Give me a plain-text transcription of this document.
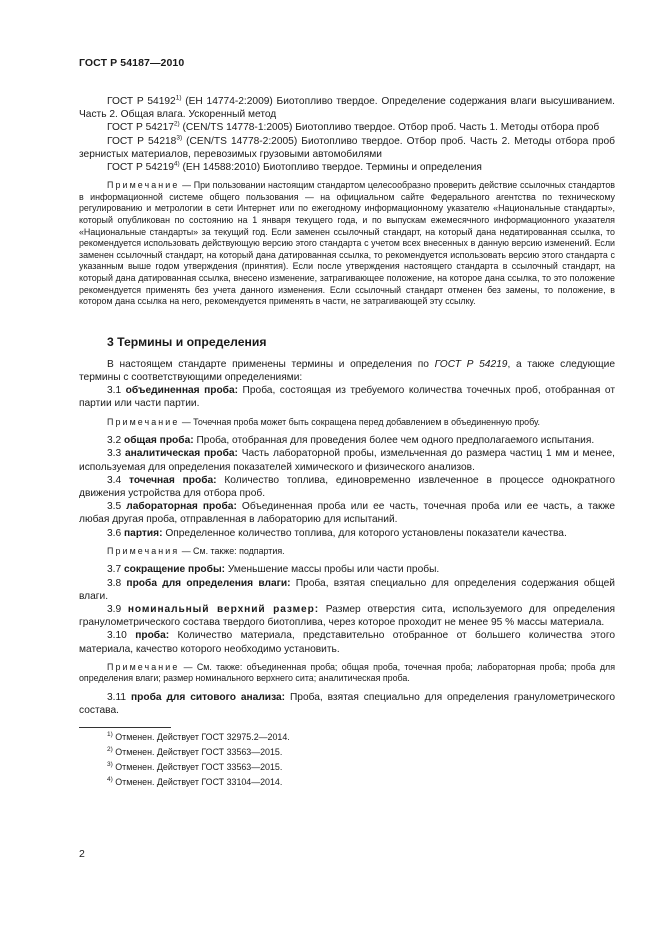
ГОСТ Р 54187—2010

ГОСТ Р 54192$^{1)}$ (ЕН 14774-2:2009) Биотопливо твердое. Определение содержания влаги высушиванием. Часть 2. Общая влага. Ускоренный метод

ГОСТ Р 54217$^{2)}$ (CEN/TS 14778-1:2005) Биотопливо твердое. Отбор проб. Часть 1. Методы отбора проб

ГОСТ Р 54218$^{3)}$ (CEN/TS 14778-2:2005) Биотопливо твердое. Отбор проб. Часть 2. Методы отбора проб зернистых материалов, перевозимых грузовыми автомобилями

ГОСТ Р 54219$^{4)}$ (ЕН 14588:2010) Биотопливо твердое. Термины и определения

Примечание — При пользовании настоящим стандартом целесообразно проверить действие ссылочных стандартов в информационной системе общего пользования — на официальном сайте Федерального агентства по техническому регулированию и метрологии в сети Интернет или по ежегодному информационному указателю «Национальные стандарты», который опубликован по состоянию на 1 января текущего года, и по выпускам ежемесячного информационного указателя «Национальные стандарты» за текущий год. Если заменен ссылочный стандарт, на который дана недатированная ссылка, то рекомендуется использовать действующую версию этого стандарта с учетом всех внесенных в данную версию изменений. Если заменен ссылочный стандарт, на который дана датированная ссылка, то рекомендуется использовать версию этого стандарта с указанным выше годом утверждения (принятия). Если после утверждения настоящего стандарта в ссылочный стандарт, на который дана датированная ссылка, внесено изменение, затрагивающее положение, на которое дана ссылка, то это положение рекомендуется применять без учета данного изменения. Если ссылочный стандарт отменен без замены, то положение, в котором дана ссылка на него, рекомендуется применять в части, не затрагивающей эту ссылку.

3 Термины и определения

В настоящем стандарте применены термины и определения по ГОСТ Р 54219, а также следующие термины с соответствующими определениями:

3.1 объединенная проба: Проба, состоящая из требуемого количества точечных проб, отобранная от партии или части партии.

Примечание — Точечная проба может быть сокращена перед добавлением в объединенную пробу.

3.2 общая проба: Проба, отобранная для проведения более чем одного предполагаемого испытания.

3.3 аналитическая проба: Часть лабораторной пробы, измельченная до размера частиц 1 мм и менее, используемая для определения показателей химического и физического анализов.

3.4 точечная проба: Количество топлива, единовременно извлеченное в процессе однократного движения устройства для отбора проб.

3.5 лабораторная проба: Объединенная проба или ее часть, точечная проба или ее часть, а также любая другая проба, отправленная в лабораторию для испытаний.

3.6 партия: Определенное количество топлива, для которого установлены показатели качества.

Примечания — См. также: подпартия.

3.7 сокращение пробы: Уменьшение массы пробы или части пробы.

3.8 проба для определения влаги: Проба, взятая специально для определения содержания общей влаги.

3.9 номинальный верхний размер: Размер отверстия сита, используемого для определения гранулометрического состава твердого биотоплива, через которое проходит не менее 95 % массы материала.

3.10 проба: Количество материала, представительно отобранное от большего количества этого материала, качество которого необходимо установить.

Примечание — См. также: объединенная проба; общая проба, точечная проба; лабораторная проба; проба для определения влаги; размер номинального верхнего сита; аналитическая проба.

3.11 проба для ситового анализа: Проба, взятая специально для определения гранулометрического состава.

$^{1)}$ Отменен. Действует ГОСТ 32975.2—2014.
$^{2)}$ Отменен. Действует ГОСТ 33563—2015.
$^{3)}$ Отменен. Действует ГОСТ 33563—2015.
$^{4)}$ Отменен. Действует ГОСТ 33104—2014.
2
